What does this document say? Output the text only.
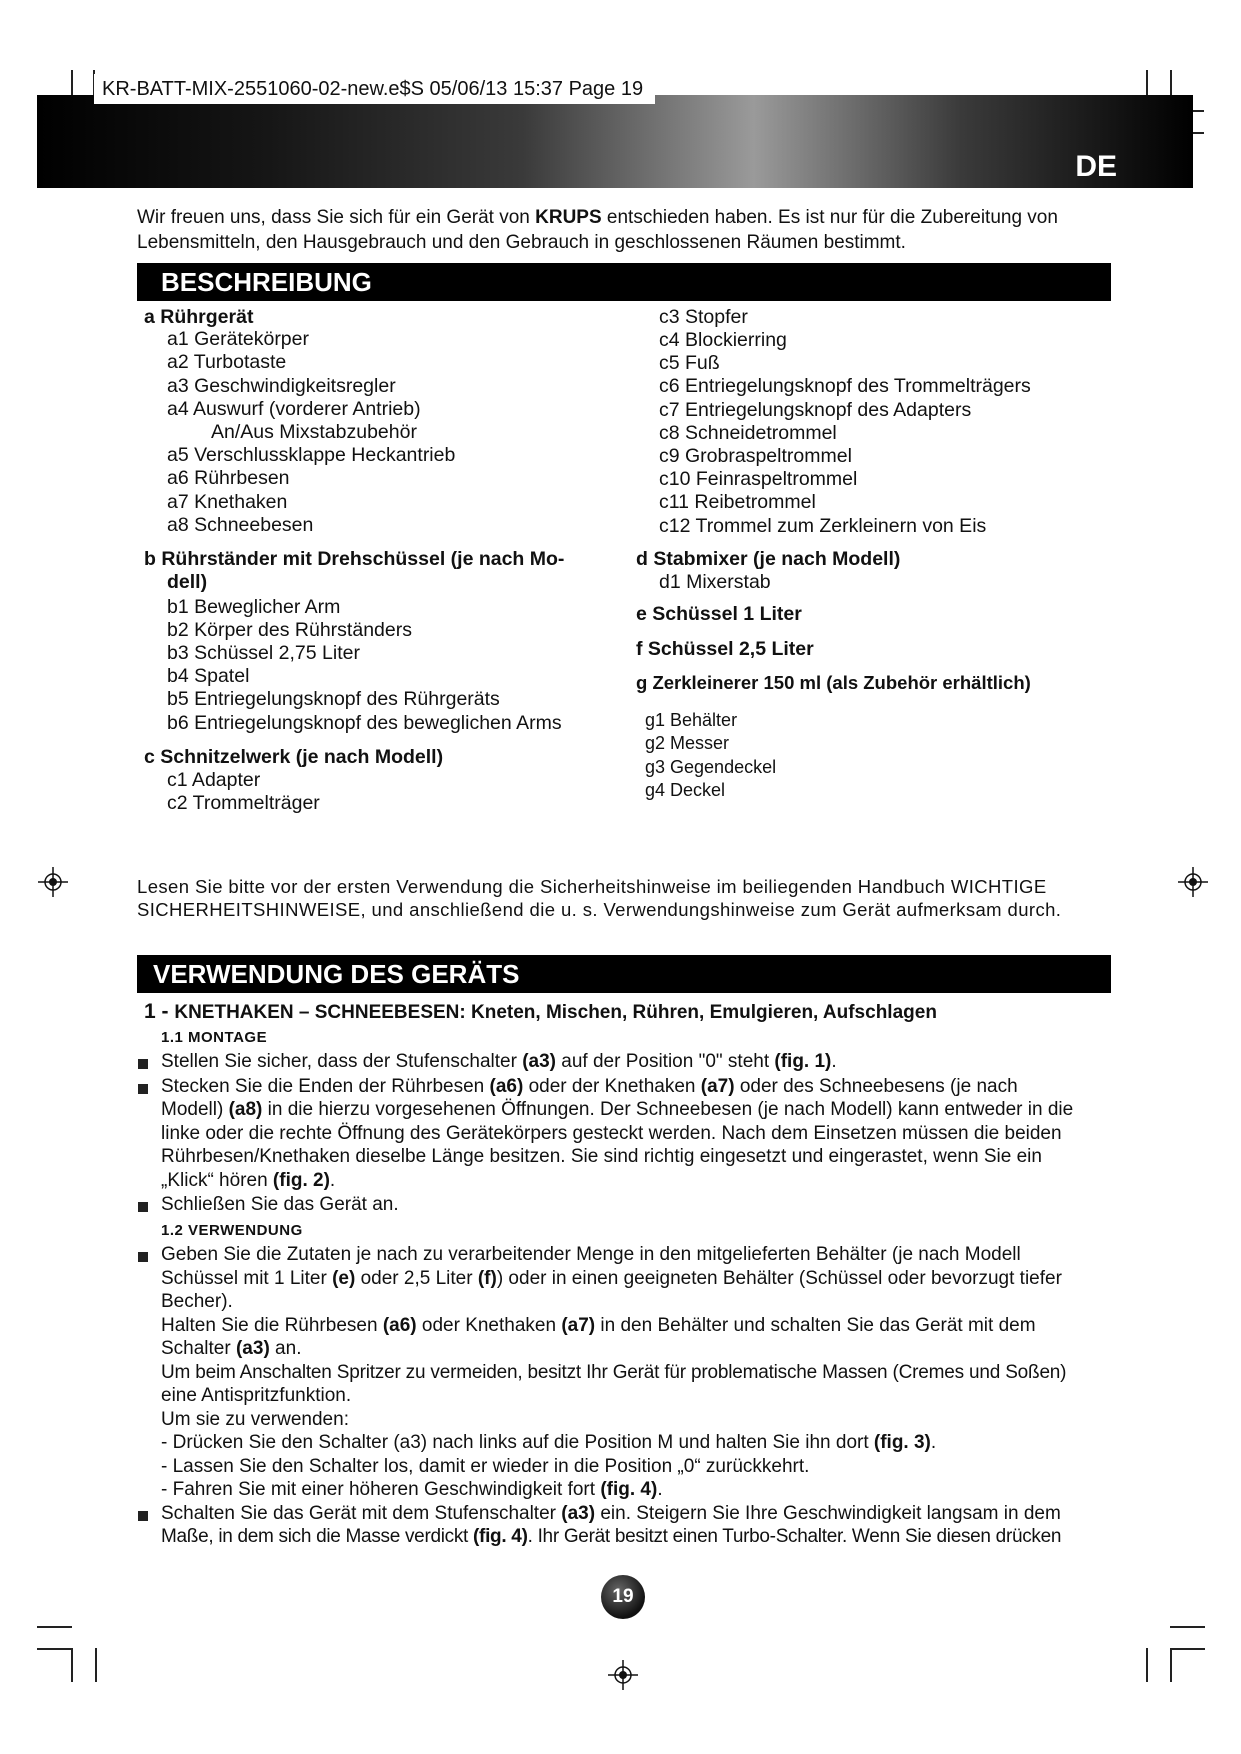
KR-BATT-MIX-2551060-02-new.e$S 05/06/13 15:37 Page 19
DE
Wir freuen uns, dass Sie sich für ein Gerät von KRUPS entschieden haben. Es ist nur für die Zubereitung von
Lebensmitteln, den Hausgebrauch und den Gebrauch in geschlossenen Räumen bestimmt.
BESCHREIBUNG
a Rührgerät
a1 Gerätekörper
a2 Turbotaste
a3 Geschwindigkeitsregler
a4 Auswurf (vorderer Antrieb)
An/Aus Mixstabzubehör
a5 Verschlussklappe Heckantrieb
a6 Rührbesen
a7 Knethaken
a8 Schneebesen
b Rührständer mit Drehschüssel (je nach Mo-
dell)
b1 Beweglicher Arm
b2 Körper des Rührständers
b3 Schüssel 2,75 Liter
b4 Spatel
b5 Entriegelungsknopf des Rührgeräts
b6 Entriegelungsknopf des beweglichen Arms
c Schnitzelwerk (je nach Modell)
c1 Adapter
c2 Trommelträger
c3 Stopfer
c4 Blockierring
c5 Fuß
c6 Entriegelungsknopf des Trommelträgers
c7 Entriegelungsknopf des Adapters
c8 Schneidetrommel
c9 Grobraspeltrommel
c10 Feinraspeltrommel
c11 Reibetrommel
c12 Trommel zum Zerkleinern von Eis
d Stabmixer (je nach Modell)
d1 Mixerstab
e Schüssel 1 Liter
f Schüssel 2,5 Liter
g Zerkleinerer 150 ml (als Zubehör erhältlich)
g1 Behälter
g2 Messer
g3 Gegendeckel
g4 Deckel
Lesen Sie bitte vor der ersten Verwendung die Sicherheitshinweise im beiliegenden Handbuch WICHTIGE
SICHERHEITSHINWEISE, und anschließend die u. s. Verwendungshinweise zum Gerät aufmerksam durch.
VERWENDUNG DES GERÄTS
1 - KNETHAKEN – SCHNEEBESEN: Kneten, Mischen, Rühren, Emulgieren, Aufschlagen
1.1 MONTAGE
Stellen Sie sicher, dass der Stufenschalter (a3) auf der Position "0" steht (fig. 1).
Stecken Sie die Enden der Rührbesen (a6) oder der Knethaken (a7) oder des Schneebesens (je nach
Modell) (a8) in die hierzu vorgesehenen Öffnungen. Der Schneebesen (je nach Modell) kann entweder in die
linke oder die rechte Öffnung des Gerätekörpers gesteckt werden. Nach dem Einsetzen müssen die beiden
Rührbesen/Knethaken dieselbe Länge besitzen. Sie sind richtig eingesetzt und eingerastet, wenn Sie ein
„Klick“ hören (fig. 2).
Schließen Sie das Gerät an.
1.2 VERWENDUNG
Geben Sie die Zutaten je nach zu verarbeitender Menge in den mitgelieferten Behälter (je nach Modell
Schüssel mit 1 Liter (e) oder 2,5 Liter (f)) oder in einen geeigneten Behälter (Schüssel oder bevorzugt tiefer
Becher).
Halten Sie die Rührbesen (a6) oder Knethaken (a7) in den Behälter und schalten Sie das Gerät mit dem
Schalter (a3) an.
Um beim Anschalten Spritzer zu vermeiden, besitzt Ihr Gerät für problematische Massen (Cremes und Soßen)
eine Antispritzfunktion.
Um sie zu verwenden:
- Drücken Sie den Schalter (a3) nach links auf die Position M und halten Sie ihn dort (fig. 3).
- Lassen Sie den Schalter los, damit er wieder in die Position „0“ zurückkehrt.
- Fahren Sie mit einer höheren Geschwindigkeit fort (fig. 4).
Schalten Sie das Gerät mit dem Stufenschalter (a3) ein. Steigern Sie Ihre Geschwindigkeit langsam in dem
Maße, in dem sich die Masse verdickt (fig. 4). Ihr Gerät besitzt einen Turbo-Schalter. Wenn Sie diesen drücken
19
